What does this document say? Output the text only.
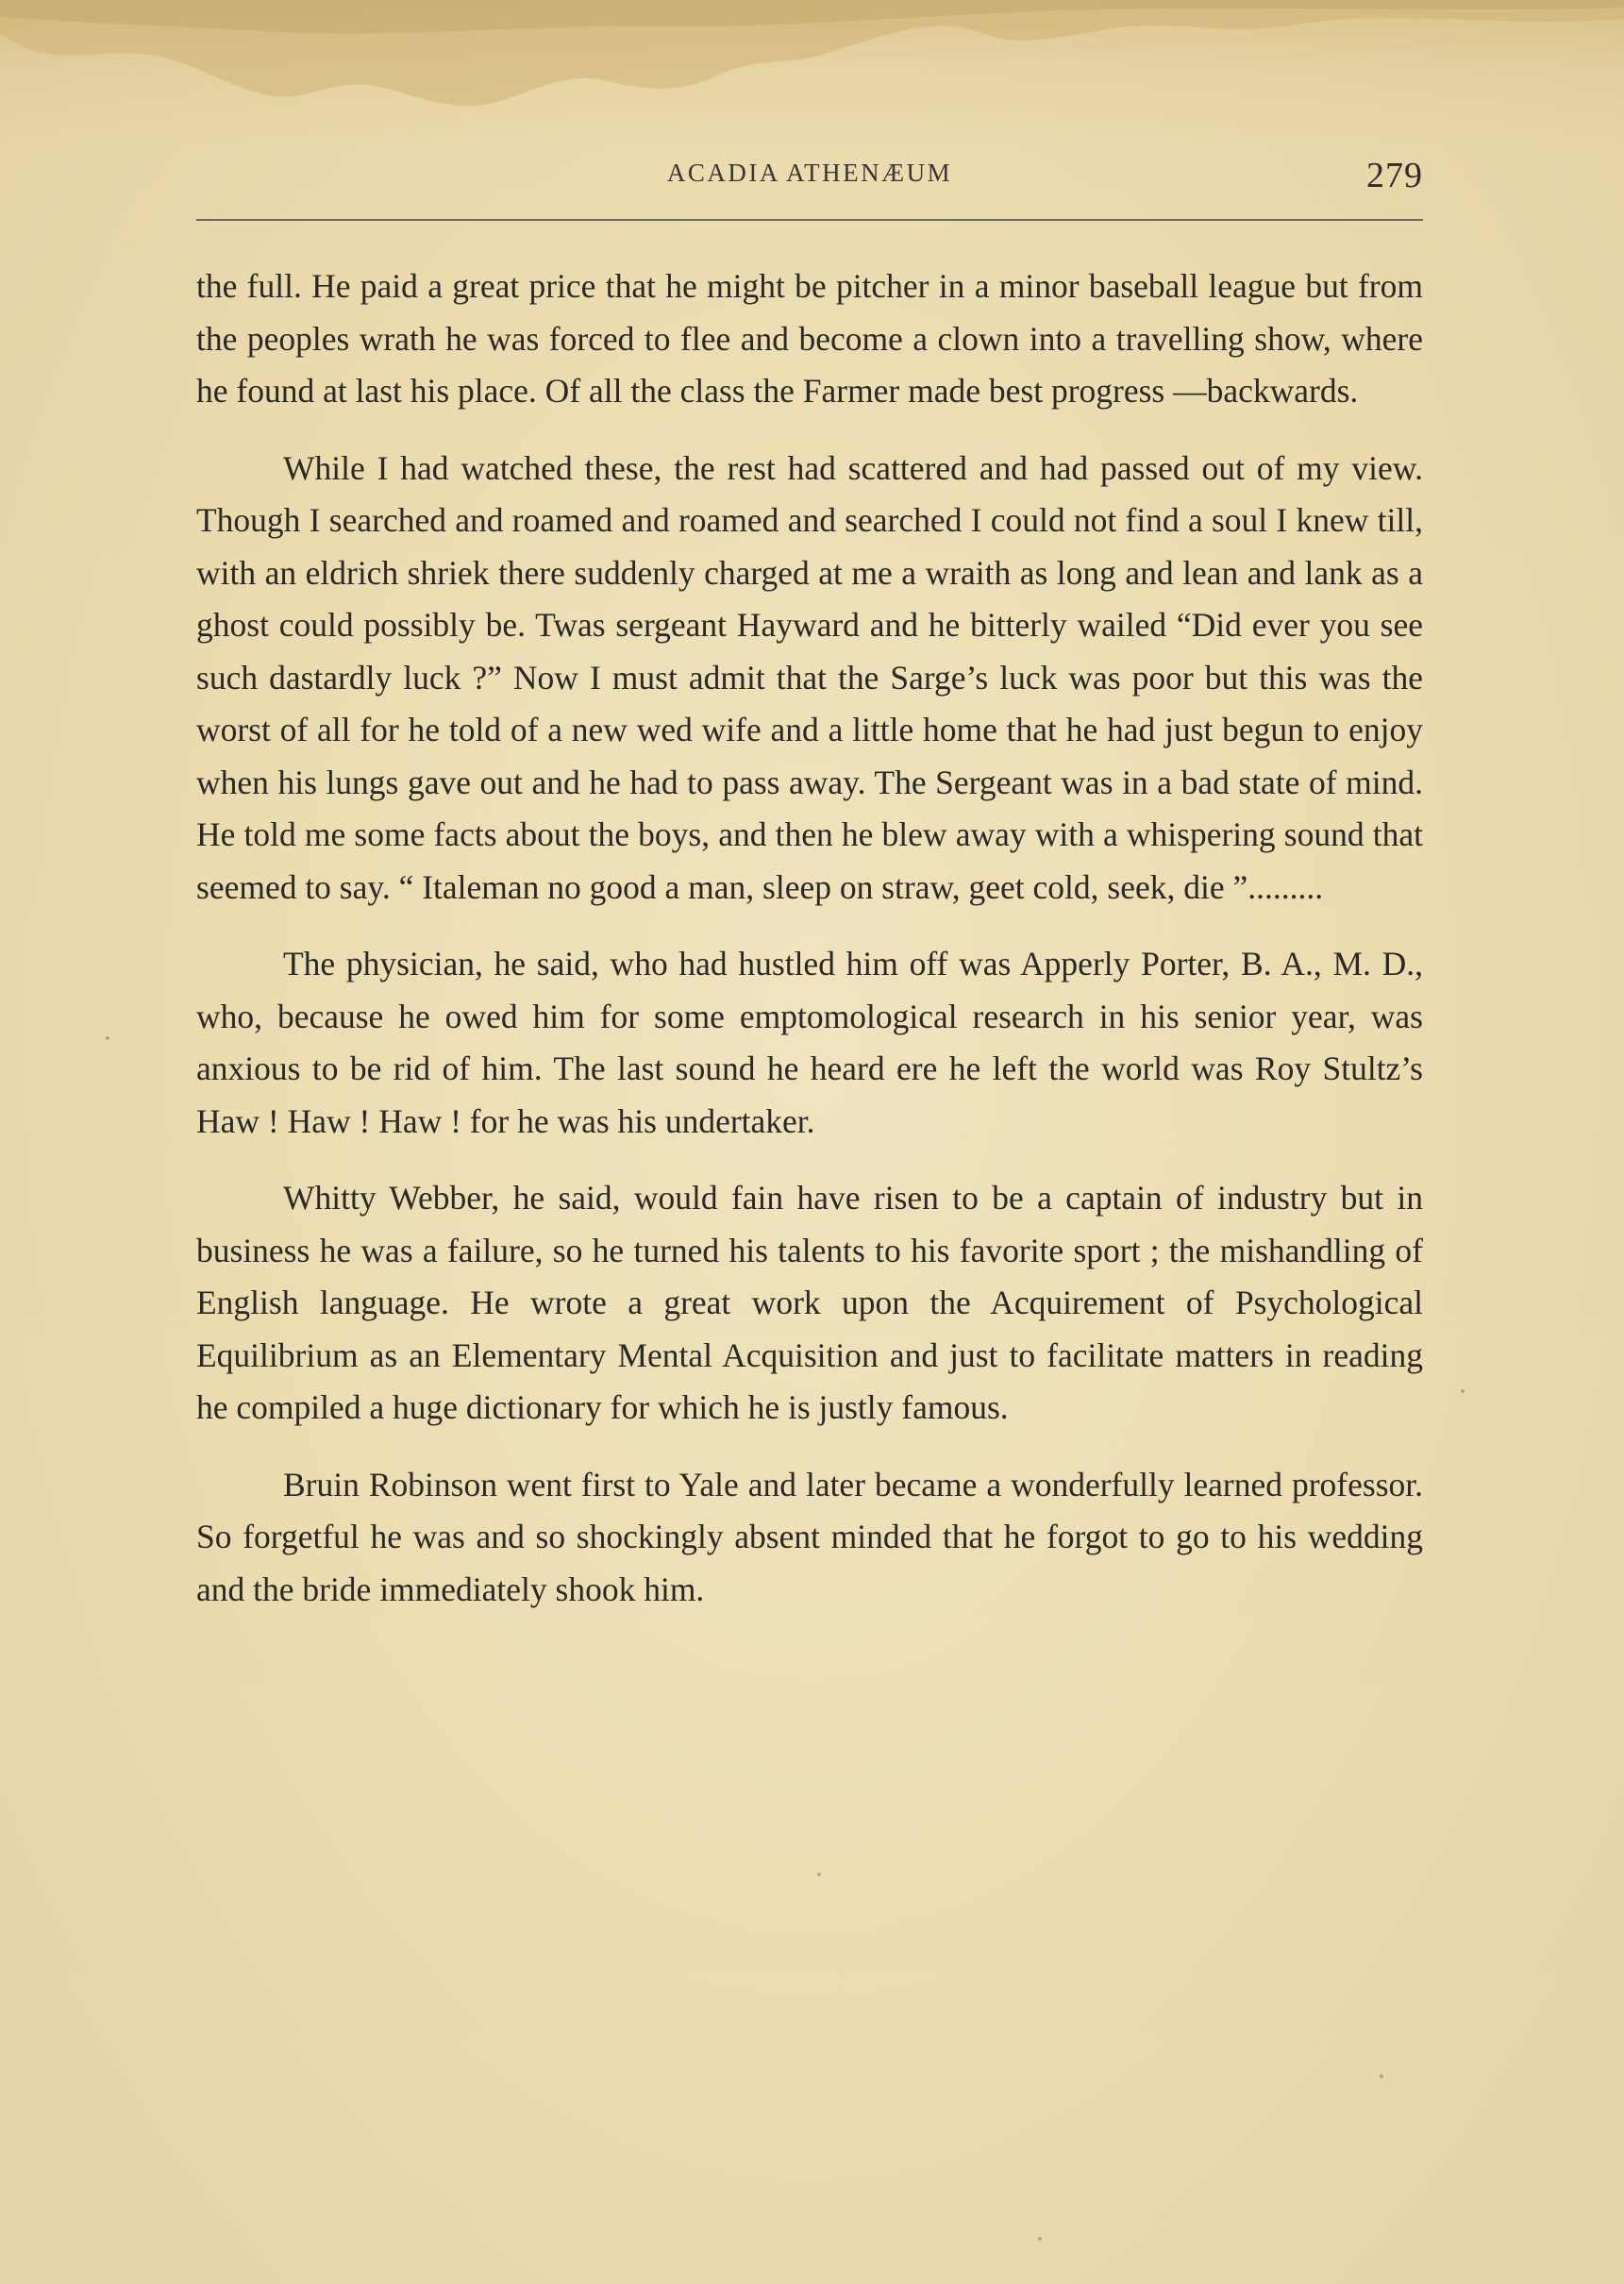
ACADIA ATHENÆUM	279

the full. He paid a great price that he might be pitcher in a minor baseball league but from the peoples wrath he was forced to flee and become a clown into a travelling show, where he found at last his place. Of all the class the Farmer made best progress —backwards.

While I had watched these, the rest had scattered and had passed out of my view. Though I searched and roamed and roamed and searched I could not find a soul I knew till, with an eldrich shriek there suddenly charged at me a wraith as long and lean and lank as a ghost could possibly be. Twas sergeant Hayward and he bitterly wailed “Did ever you see such dastardly luck ?” Now I must admit that the Sarge’s luck was poor but this was the worst of all for he told of a new wed wife and a little home that he had just begun to enjoy when his lungs gave out and he had to pass away. The Sergeant was in a bad state of mind. He told me some facts about the boys, and then he blew away with a whispering sound that seemed to say. “ Italeman no good a man, sleep on straw, geet cold, seek, die ”.........

The physician, he said, who had hustled him off was Apperly Porter, B. A., M. D., who, because he owed him for some emptomological research in his senior year, was anxious to be rid of him. The last sound he heard ere he left the world was Roy Stultz’s Haw ! Haw ! Haw ! for he was his undertaker.

Whitty Webber, he said, would fain have risen to be a captain of industry but in business he was a failure, so he turned his talents to his favorite sport ; the mishandling of English language. He wrote a great work upon the Acquirement of Psychological Equilibrium as an Elementary Mental Acquisition and just to facilitate matters in reading he compiled a huge dictionary for which he is justly famous.

Bruin Robinson went first to Yale and later became a wonderfully learned professor. So forgetful he was and so shockingly absent minded that he forgot to go to his wedding and the bride immediately shook him.
